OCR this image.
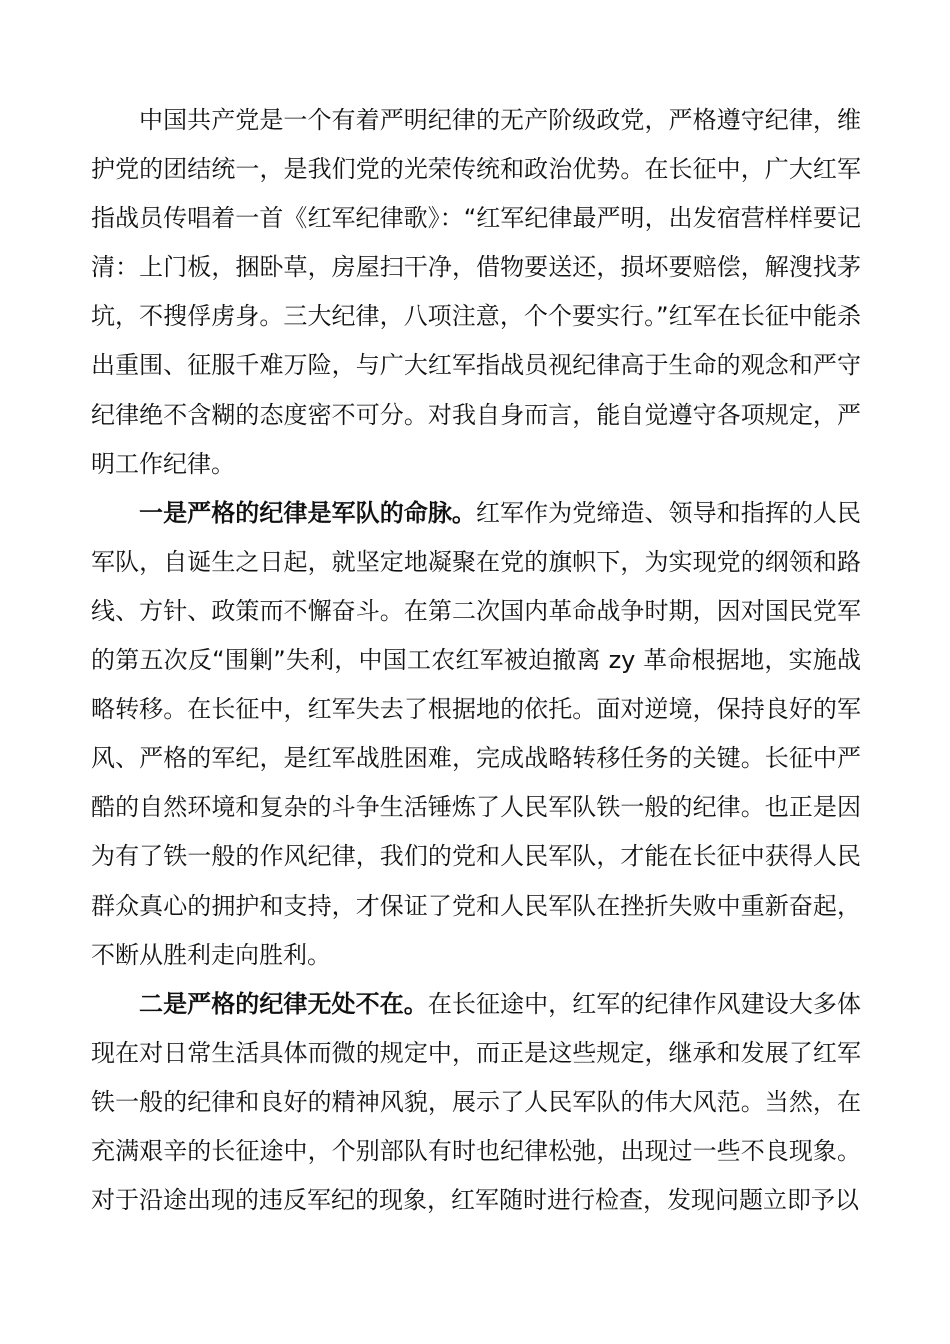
中国共产党是一个有着严明纪律的无产阶级政党，严格遵守纪律，维护党的团结统一，是我们党的光荣传统和政治优势。在长征中，广大红军指战员传唱着一首《红军纪律歌》：“红军纪律最严明，出发宿营样样要记清：上门板，捆卧草，房屋扫干净，借物要送还，损坏要赔偿，解溲找茅坑，不搜俘虏身。三大纪律，八项注意，个个要实行。”红军在长征中能杀出重围、征服千难万险，与广大红军指战员视纪律高于生命的观念和严守纪律绝不含糊的态度密不可分。对我自身而言，能自觉遵守各项规定，严明工作纪律。

一是严格的纪律是军队的命脉。红军作为党缔造、领导和指挥的人民军队，自诞生之日起，就坚定地凝聚在党的旗帜下，为实现党的纲领和路线、方针、政策而不懈奋斗。在第二次国内革命战争时期，因对国民党军的第五次反“围剿”失利，中国工农红军被迫撤离 zy 革命根据地，实施战略转移。在长征中，红军失去了根据地的依托。面对逆境，保持良好的军风、严格的军纪，是红军战胜困难，完成战略转移任务的关键。长征中严酷的自然环境和复杂的斗争生活锤炼了人民军队铁一般的纪律。也正是因为有了铁一般的作风纪律，我们的党和人民军队，才能在长征中获得人民群众真心的拥护和支持，才保证了党和人民军队在挫折失败中重新奋起，不断从胜利走向胜利。

二是严格的纪律无处不在。在长征途中，红军的纪律作风建设大多体现在对日常生活具体而微的规定中，而正是这些规定，继承和发展了红军铁一般的纪律和良好的精神风貌，展示了人民军队的伟大风范。当然，在充满艰辛的长征途中，个别部队有时也纪律松弛，出现过一些不良现象。对于沿途出现的违反军纪的现象，红军随时进行检查，发现问题立即予以
